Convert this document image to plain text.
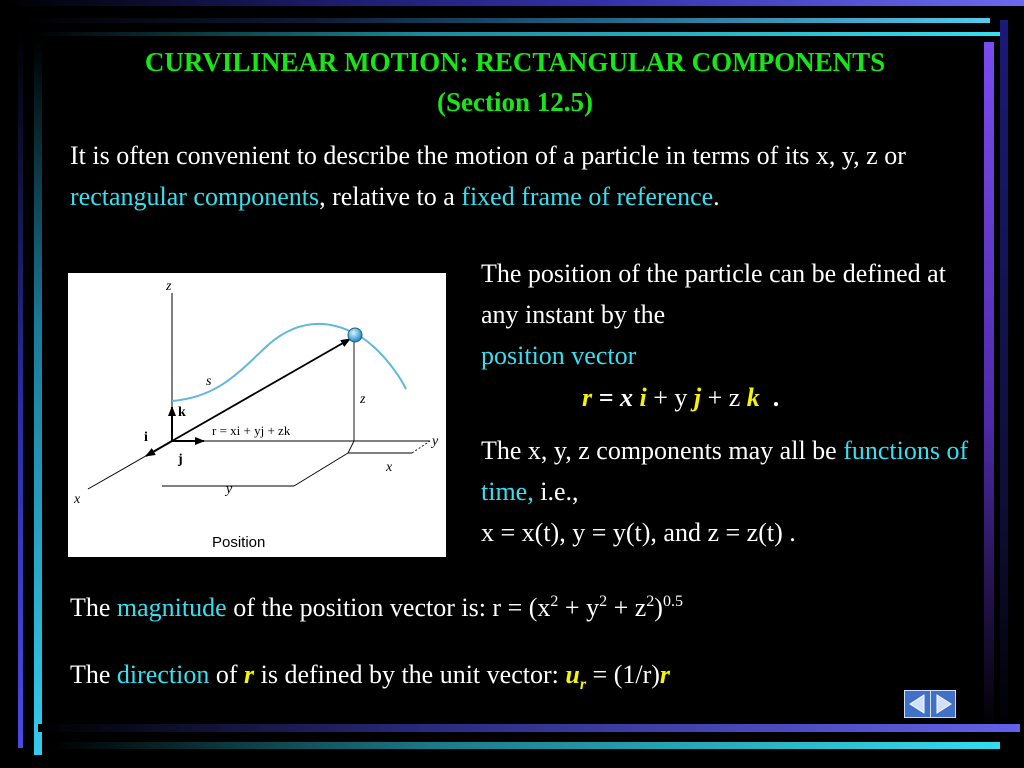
CURVILINEAR MOTION: RECTANGULAR COMPONENTS
(Section 12.5)
It is often convenient to describe the motion of a particle in terms of its x, y, z or rectangular components, relative to a fixed frame of reference.
z
y
x
s
k
i
j
z
x
y
r = xi + yj + zk
Position
The position of the particle can be defined at any instant by the
position vector
r = x i + y j + z k  .
The x, y, z components may all be functions of time, i.e.,
x = x(t), y = y(t), and z = z(t) .
The magnitude of the position vector is: $r = (x^2 + y^2 + z^2)^{0.5}$
The direction of r is defined by the unit vector: $u_r = (1/r)r$
